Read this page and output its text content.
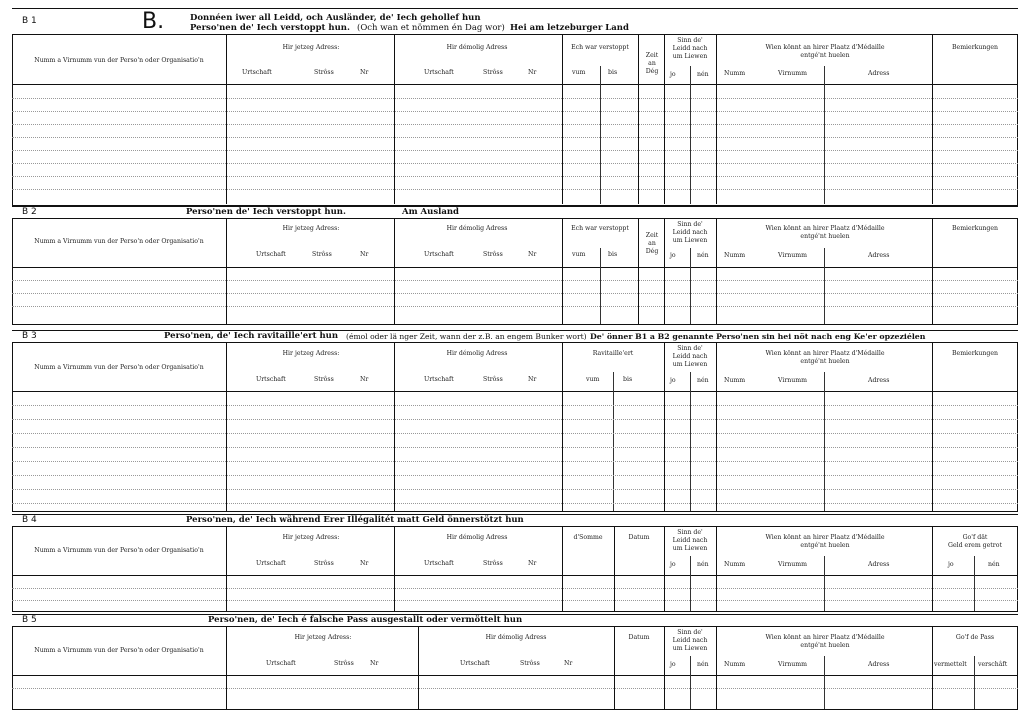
B 1	B.	Donnéen iwer all Leidd, och Ausländer, de' Iech gehollef hun
Perso'nen de' Iech verstoppt hun. (Och wan et nömmen én Dag wor) Hei am letzeburger Land
Numm a Virnumm vun der Perso'n oder Organisatio'n
Hir jetzeg Adress:
Urtschaft	Strôss	Nr
Hir démolig Adress
Urtschaft	Strôss	Nr
Ech war verstoppt
vum	bis
Zeit
an
Dég
Sinn de'
Leidd nach
um Liewen
jo	nén
Wien könnt an hirer Plaatz d'Médaille
entgé'nt huelen
Numm	Virnumm	Adress
Bemierkungen
B 2	Perso'nen de' Iech verstoppt hun.	Am Ausland
Numm a Virnumm vun der Perso'n oder Organisatio'n
Hir jetzeg Adress:
Urtschaft	Strôss	Nr
Hir démolig Adress
Urtschaft	Strôss	Nr
Ech war verstoppt
vum	bis
Zeit
an
Dég
Sinn de'
Leidd nach
um Liewen
jo	nén
Wien könnt an hirer Plaatz d'Médaille
entgé'nt huelen
Numm	Virnumm	Adress
Bemierkungen
B 3	Perso'nen, de' Iech ravitaille'ert hun (émol oder lä nger Zeit, wann der z.B. an engem Bunker wort) De' önner B1 a B2 genannte Perso'nen sin hei nöt nach eng Ke'er opzeziélen
Numm a Virnumm vun der Perso'n oder Organisatio'n
Hir jetzeg Adress:
Urtschaft	Strôss	Nr
Hir démolig Adress
Urtschaft	Strôss	Nr
Ravitaille'ert
vum	bis
Sinn de'
Leidd nach
um Liewen
jo	nén
Wien könnt an hirer Plaatz d'Médaille
entgé'nt huelen
Numm	Virnumm	Adress
Bemierkungen
B 4	Perso'nen, de' Iech während Erer Illégalitét matt Geld önnerstötzt hun
Numm a Virnumm vun der Perso'n oder Organisatio'n
Hir jetzeg Adress:
Urtschaft	Strôss	Nr
Hir démolig Adress
Urtschaft	Strôss	Nr
d'Somme	Datum
Sinn de'
Leidd nach
um Liewen
jo	nén
Wien könnt an hirer Plaatz d'Médaille
entgé'nt huelen
Numm	Virnumm	Adress
Go'f dät
Geld erem getrot
jo	nén
B 5	Perso'nen, de' Iech é falsche Pass ausgestallt oder vermöttelt hun
Numm a Virnumm vun der Perso'n oder Organisatio'n
Hir jetzeg Adress:
Urtschaft	Strôss	Nr
Hir démolig Adress
Urtschaft	Strôss	Nr
Datum
Sinn de'
Leidd nach
um Liewen
jo	nén
Wien könnt an hirer Plaatz d'Médaille
entgé'nt huelen
Numm	Virnumm	Adress
Go'f de Pass
vermettelt verschâft
